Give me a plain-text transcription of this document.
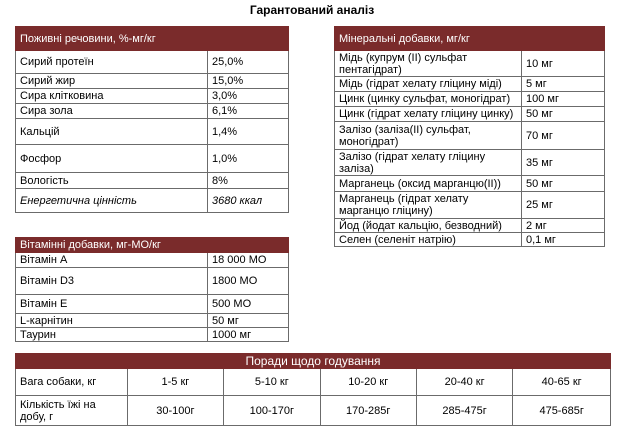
Гарантований аналіз
Поживні речовини, %-мг/кг	
Сирий протеїн	25,0%
Сирий жир	15,0%
Сира клітковина	3,0%
Сира зола	6,1%
Кальцій	1,4%
Фосфор	1,0%
Вологість	8%
Енергетична цінність	3680 ккал
Мінеральні добавки, мг/кг	
Мідь (купрум (II) сульфат пентагідрат)	10 мг
Мідь (гідрат хелату гліцину міді)	5 мг
Цинк (цинку сульфат, моногідрат)	100 мг
Цинк (гідрат хелату гліцину цинку)	50 мг
Залізо (заліза(ІІ) сульфат, моногідрат)	70 мг
Залізо (гідрат хелату гліцину заліза)	35 мг
Марганець (оксид марганцю(ІІ))	50 мг
Марганець (гідрат хелату марганцю гліцину)	25 мг
Йод (йодат кальцію, безводний)	2 мг
Селен (селеніт натрію)	0,1 мг
Вітамінні добавки, мг-МО/кг	
Вітамін А	18 000 МО
Вітамін D3	1800 МО
Вітамін Е	500 МО
L-карнітин	50 мг
Таурин	1000 мг
Поради щодо годування					
Вага собаки, кг	1-5 кг	5-10 кг	10-20 кг	20-40 кг	40-65 кг
Кількість їжі на добу, г	30-100г	100-170г	170-285г	285-475г	475-685г
